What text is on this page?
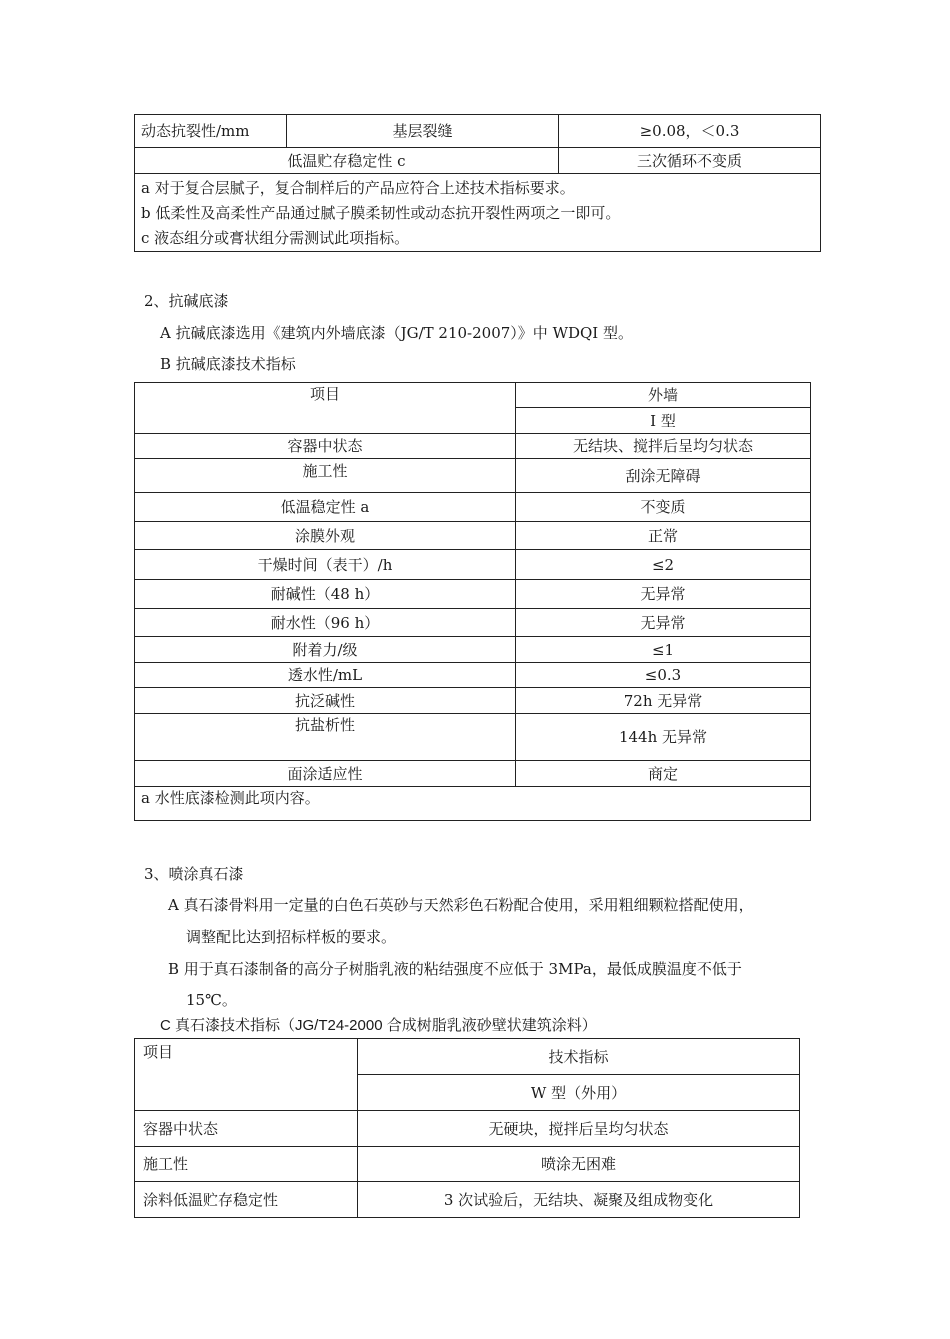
动态抗裂性/mm	基层裂缝	≥0.08，＜0.3
低温贮存稳定性 c		三次循环不变质

a 对于复合层腻子，复合制样后的产品应符合上述技术指标要求。
b 低柔性及高柔性产品通过腻子膜柔韧性或动态抗开裂性两项之一即可。
c 液态组分或膏状组分需测试此项指标。		
2、抗碱底漆
A 抗碱底漆选用《建筑内外墙底漆（JG/T 210-2007）》中 WDQI 型。
B 抗碱底漆技术指标
项目	外墙
	I 型
容器中状态	无结块、搅拌后呈均匀状态
施工性	刮涂无障碍
低温稳定性 a	不变质
涂膜外观	正常
干燥时间（表干）/h	≤2
耐碱性（48 h）	无异常
耐水性（96 h）	无异常
附着力/级	≤1
透水性/mL	≤0.3
抗泛碱性	72h 无异常
抗盐析性	144h 无异常
面涂适应性	商定
a 水性底漆检测此项内容。	
3、喷涂真石漆
A 真石漆骨料用一定量的白色石英砂与天然彩色石粉配合使用，采用粗细颗粒搭配使用，
调整配比达到招标样板的要求。
B 用于真石漆制备的高分子树脂乳液的粘结强度不应低于 3MPa，最低成膜温度不低于
15℃。
C 真石漆技术指标（JG/T24-2000 合成树脂乳液砂壁状建筑涂料）
项目	技术指标
	W 型（外用）
容器中状态	无硬块，搅拌后呈均匀状态
施工性	喷涂无困难
涂料低温贮存稳定性	3 次试验后，无结块、凝聚及组成物变化
